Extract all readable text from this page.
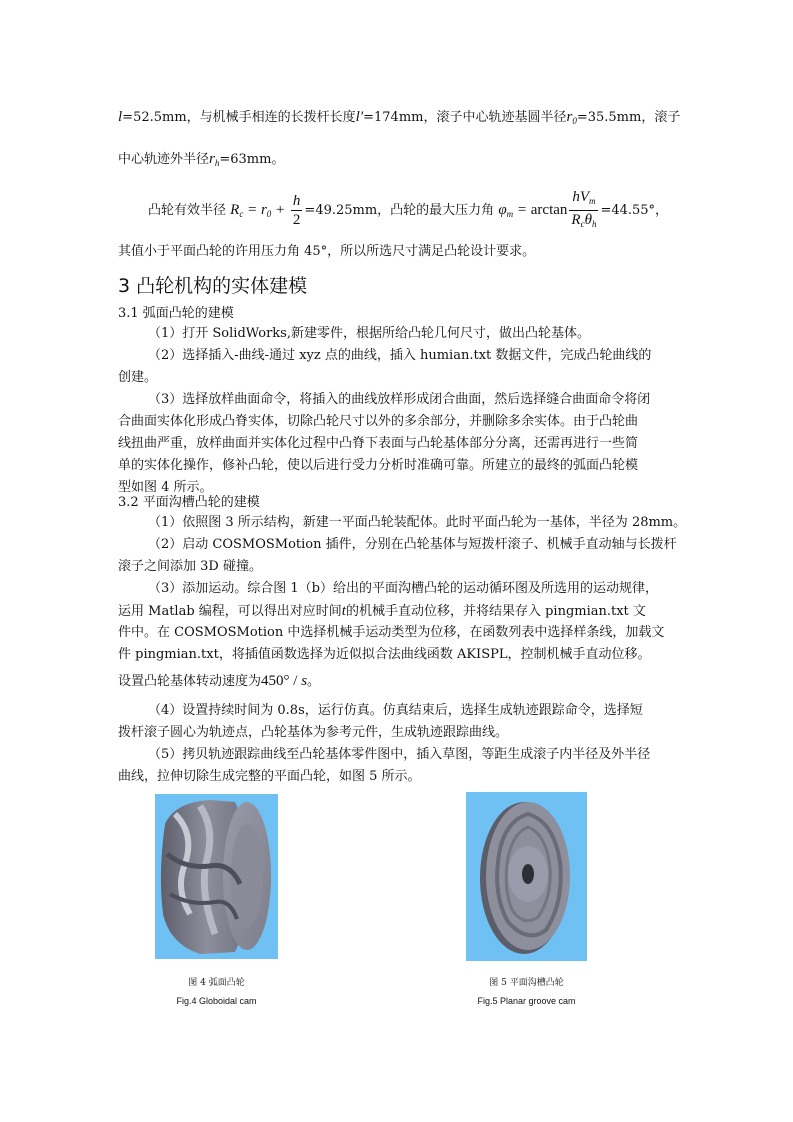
l=52.5mm，与机械手相连的长拨杆长度l′=174mm，滚子中心轨迹基圆半径$r_0=35.5mm$，滚子
中心轨迹外半径$r_h=63mm$。
凸轮有效半径 $R_c = r_0 + \frac{h}{2} =49.25mm$，凸轮的最大压力角 $\varphi_m = \arctan \frac{hV_m}{R_c\theta_h} =44.55^\circ$，
其值小于平面凸轮的许用压力角 45°，所以所选尺寸满足凸轮设计要求。
3 凸轮机构的实体建模
3.1 弧面凸轮的建模
（1）打开 SolidWorks,新建零件，根据所给凸轮几何尺寸，做出凸轮基体。
（2）选择插入-曲线-通过 xyz 点的曲线，插入 humian.txt 数据文件，完成凸轮曲线的
创建。
（3）选择放样曲面命令，将插入的曲线放样形成闭合曲面，然后选择缝合曲面命令将闭
合曲面实体化形成凸脊实体，切除凸轮尺寸以外的多余部分，并删除多余实体。由于凸轮曲
线扭曲严重，放样曲面并实体化过程中凸脊下表面与凸轮基体部分分离，还需再进行一些简
单的实体化操作，修补凸轮，使以后进行受力分析时准确可靠。所建立的最终的弧面凸轮模
型如图 4 所示。
3.2 平面沟槽凸轮的建模
（1）依照图 3 所示结构，新建一平面凸轮装配体。此时平面凸轮为一基体，半径为 28mm。
（2）启动 COSMOSMotion 插件，分别在凸轮基体与短拨杆滚子、机械手直动轴与长拨杆
滚子之间添加 3D 碰撞。
（3）添加运动。综合图 1（b）给出的平面沟槽凸轮的运动循环图及所选用的运动规律，
运用 Matlab 编程，可以得出对应时间t的机械手直动位移，并将结果存入 pingmian.txt 文
件中。在 COSMOSMotion 中选择机械手运动类型为位移，在函数列表中选择样条线，加载文
件 pingmian.txt，将插值函数选择为近似拟合法曲线函数 AKISPL，控制机械手直动位移。
设置凸轮基体转动速度为450° / s。
（4）设置持续时间为 0.8s，运行仿真。仿真结束后，选择生成轨迹跟踪命令，选择短
拨杆滚子圆心为轨迹点，凸轮基体为参考元件，生成轨迹跟踪曲线。
（5）拷贝轨迹跟踪曲线至凸轮基体零件图中，插入草图，等距生成滚子内半径及外半径
曲线，拉伸切除生成完整的平面凸轮，如图 5 所示。
图 4 弧面凸轮
Fig.4 Globoidal cam
图 5 平面沟槽凸轮
Fig.5 Planar groove cam
